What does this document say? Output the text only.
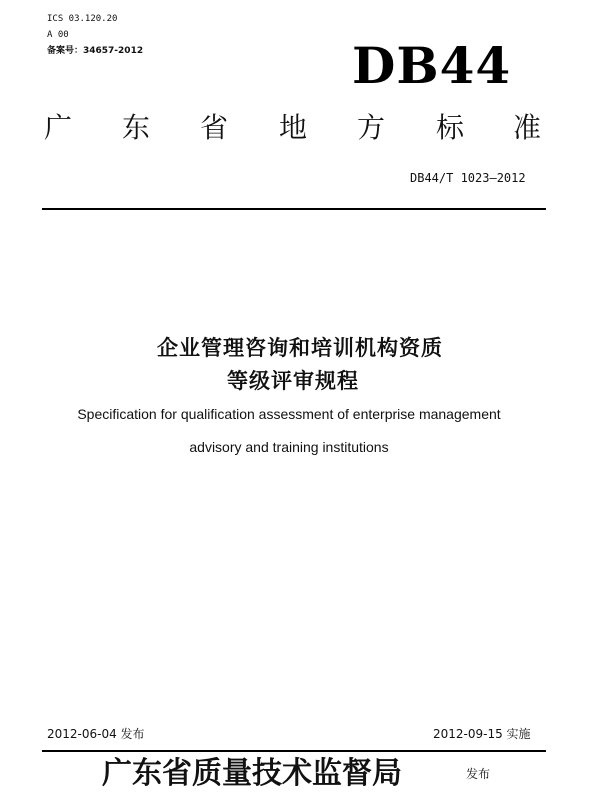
ICS 03.120.20
A 00
备案号：34657-2012	DB44
广 东 省 地 方 标 准
DB44/T 1023—2012
企业管理咨询和培训机构资质
等级评审规程
Specification for qualification assessment of enterprise management
advisory and training institutions
2012-06-04 发布	2012-09-15 实施
广东省质量技术监督局	发布
